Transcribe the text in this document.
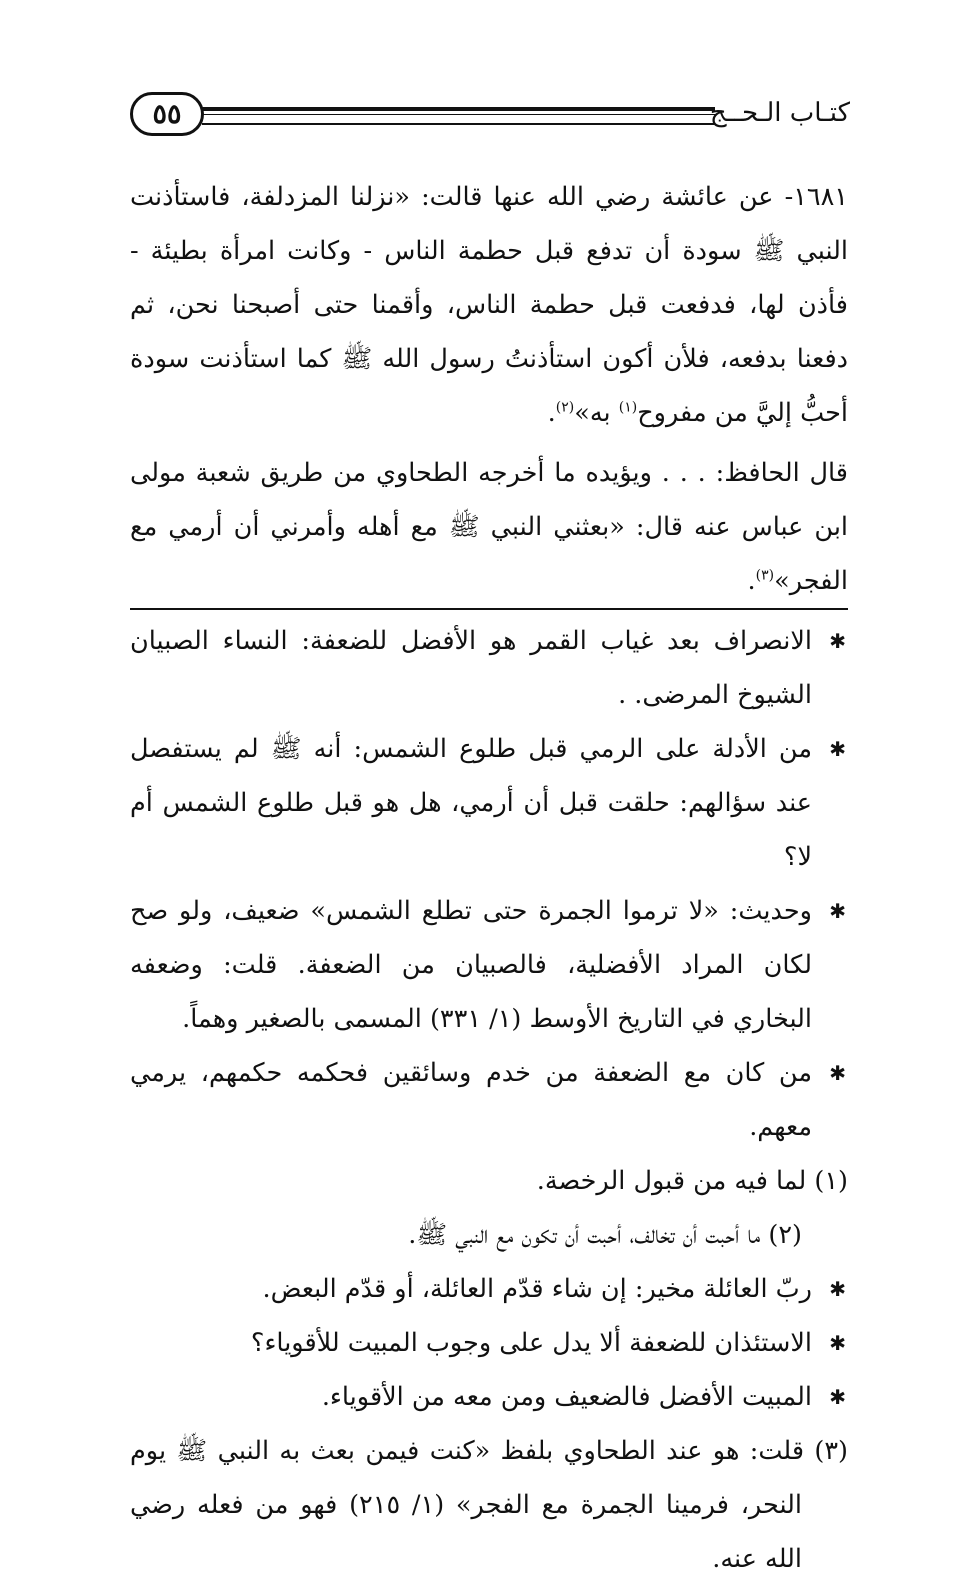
٥٥	كتـاب الـحــج

١٦٨١- عن عائشة رضي الله عنها قالت: «نزلنا المزدلفة، فاستأذنت النبي ﷺ سودة أن تدفع قبل حطمة الناس - وكانت امرأة بطيئة - فأذن لها، فدفعت قبل حطمة الناس، وأقمنا حتى أصبحنا نحن، ثم دفعنا بدفعه، فلأن أكون استأذنتُ رسول الله ﷺ كما استأذنت سودة أحبُّ إليَّ من مفروح$^{(١)}$ به»$^{(٢)}$.

قال الحافظ: . . . ويؤيده ما أخرجه الطحاوي من طريق شعبة مولى ابن عباس عنه قال: «بعثني النبي ﷺ مع أهله وأمرني أن أرمي مع الفجر»$^{(٣)}$.

✱ الانصراف بعد غياب القمر هو الأفضل للضعفة: النساء الصبيان الشيوخ المرضى. .

✱ من الأدلة على الرمي قبل طلوع الشمس: أنه ﷺ لم يستفصل عند سؤالهم: حلقت قبل أن أرمي، هل هو قبل طلوع الشمس أم لا؟

✱ وحديث: «لا ترموا الجمرة حتى تطلع الشمس» ضعيف، ولو صح لكان المراد الأفضلية، فالصبيان من الضعفة. قلت: وضعفه البخاري في التاريخ الأوسط (١/ ٣٣١) المسمى بالصغير وهماً.

✱ من كان مع الضعفة من خدم وسائقين فحكمه حكمهم، يرمي معهم.

(١) لما فيه من قبول الرخصة.

(٢) ما أحبت أن تخالف، أحبت أن تكون مع النبي ﷺ.

✱ ربّ العائلة مخير: إن شاء قدّم العائلة، أو قدّم البعض.

✱ الاستئذان للضعفة ألا يدل على وجوب المبيت للأقوياء؟

✱ المبيت الأفضل فالضعيف ومن معه من الأقوياء.

(٣) قلت: هو عند الطحاوي بلفظ «كنت فيمن بعث به النبي ﷺ يوم النحر، فرمينا الجمرة مع الفجر» (١/ ٢١٥) فهو من فعله رضي الله عنه.
